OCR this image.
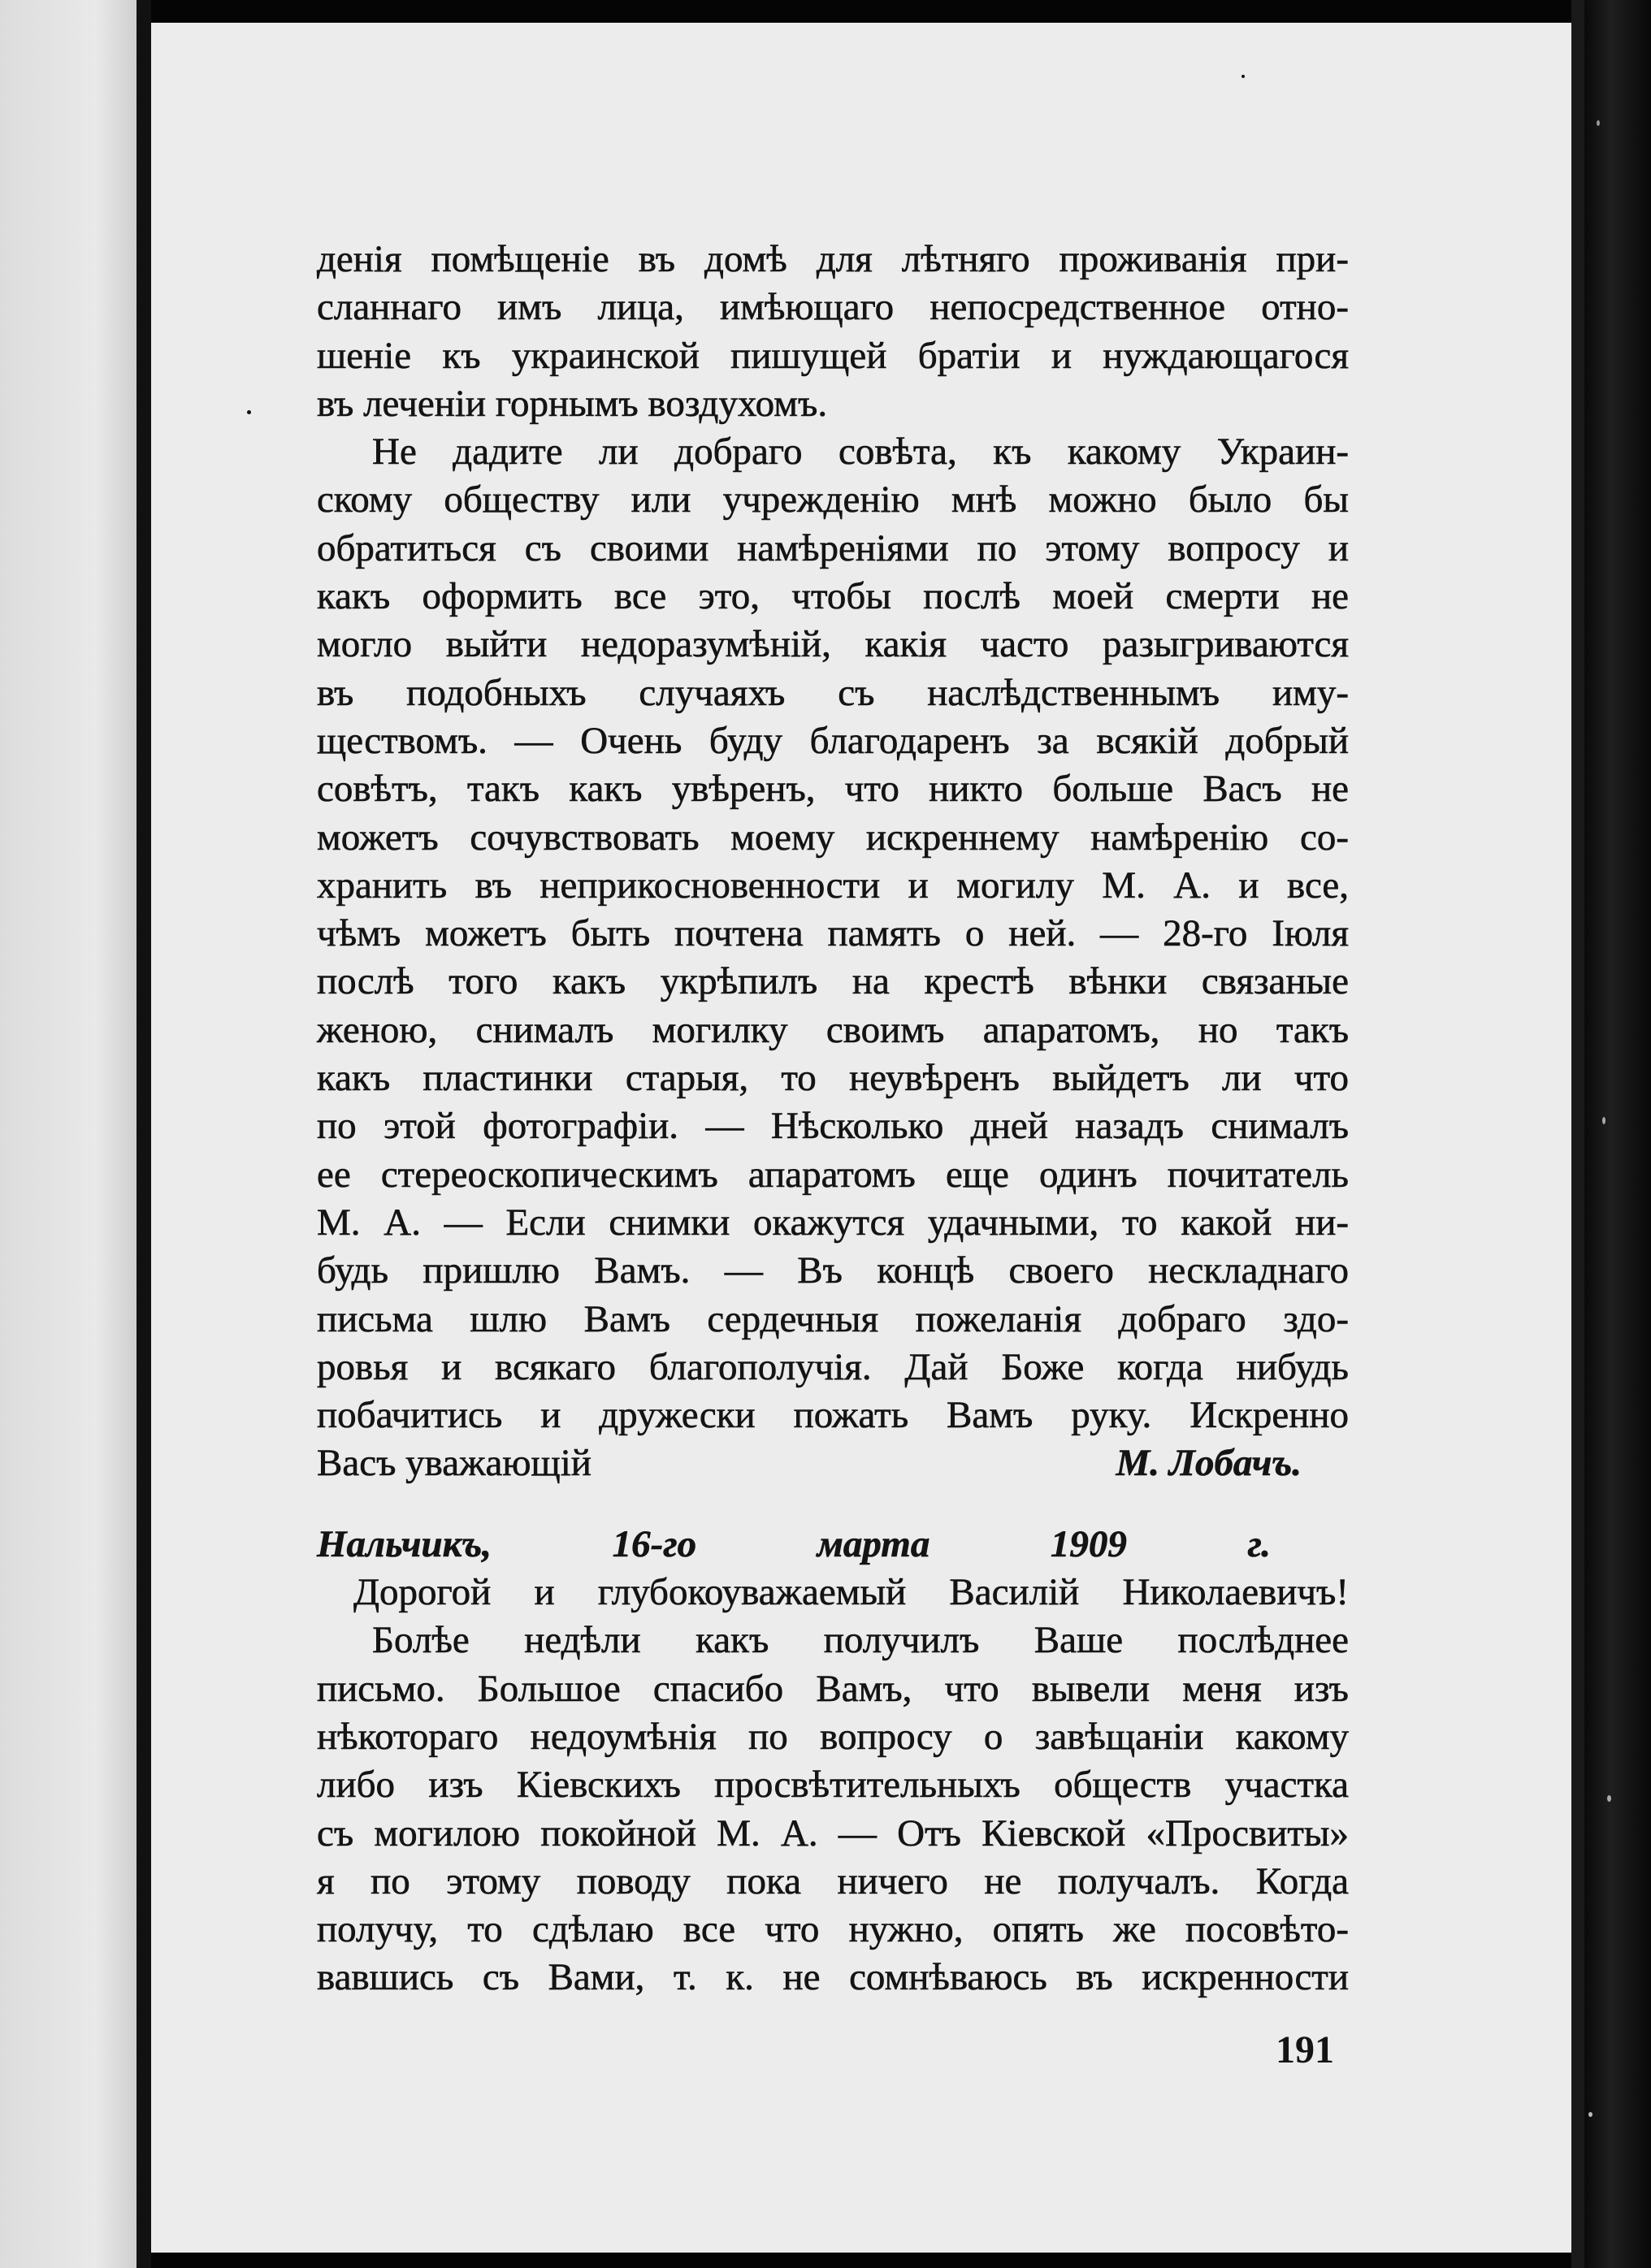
денія помѣщеніе въ домѣ для лѣтняго проживанія при-
сланнаго имъ лица, имѣющаго непосредственное отно-
шеніе къ украинской пишущей братіи и нуждающагося
въ леченіи горнымъ воздухомъ.
Не дадите ли добраго совѣта, къ какому Украин-
скому обществу или учрежденію мнѣ можно было бы
обратиться съ своими намѣреніями по этому вопросу и
какъ оформить все это, чтобы послѣ моей смерти не
могло выйти недоразумѣній, какія часто разыгриваются
въ подобныхъ случаяхъ съ наслѣдственнымъ иму-
ществомъ. — Очень буду благодаренъ за всякій добрый
совѣтъ, такъ какъ увѣренъ, что никто больше Васъ не
можетъ сочувствовать моему искреннему намѣренію со-
хранить въ неприкосновенности и могилу М. А. и все,
чѣмъ можетъ быть почтена память о ней. — 28-го Іюля
послѣ того какъ укрѣпилъ на крестѣ вѣнки связаные
женою, снималъ могилку своимъ апаратомъ, но такъ
какъ пластинки старыя, то неувѣренъ выйдетъ ли что
по этой фотографіи. — Нѣсколько дней назадъ снималъ
ее стереоскопическимъ апаратомъ еще одинъ почитатель
М. А. — Если снимки окажутся удачными, то какой ни-
будь пришлю Вамъ. — Въ концѣ своего нескладнаго
письма шлю Вамъ сердечныя пожеланія добраго здо-
ровья и всякаго благополучія. Дай Боже когда нибудь
побачитись и дружески пожать Вамъ руку. Искренно
Васъ уважающій	М. Лобачъ.
Нальчикъ, 16-го марта 1909 г.
Дорогой и глубокоуважаемый Василій Николаевичъ!
Болѣе недѣли какъ получилъ Ваше послѣднее
письмо. Большое спасибо Вамъ, что вывели меня изъ
нѣкотораго недоумѣнія по вопросу о завѣщаніи какому
либо изъ Кіевскихъ просвѣтительныхъ обществ участка
съ могилою покойной М. А. — Отъ Кіевской «Просвиты»
я по этому поводу пока ничего не получалъ. Когда
получу, то сдѣлаю все что нужно, опять же посовѣто-
вавшись съ Вами, т. к. не сомнѣваюсь въ искренности
191
